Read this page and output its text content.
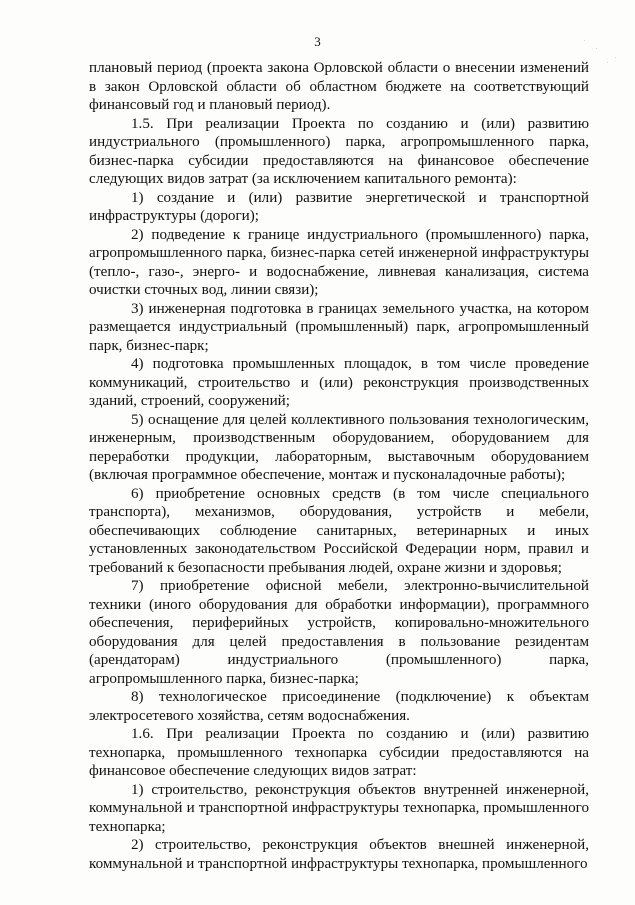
3

плановый период (проекта закона Орловской области о внесении изменений в закон Орловской области об областном бюджете на соответствующий финансовый год и плановый период).

1.5. При реализации Проекта по созданию и (или) развитию индустриального (промышленного) парка, агропромышленного парка, бизнес-парка субсидии предоставляются на финансовое обеспечение следующих видов затрат (за исключением капитального ремонта):

1) создание и (или) развитие энергетической и транспортной инфраструктуры (дороги);

2) подведение к границе индустриального (промышленного) парка, агропромышленного парка, бизнес-парка сетей инженерной инфраструктуры (тепло-, газо-, энерго- и водоснабжение, ливневая канализация, система очистки сточных вод, линии связи);

3) инженерная подготовка в границах земельного участка, на котором размещается индустриальный (промышленный) парк, агропромышленный парк, бизнес-парк;

4) подготовка промышленных площадок, в том числе проведение коммуникаций, строительство и (или) реконструкция производственных зданий, строений, сооружений;

5) оснащение для целей коллективного пользования технологическим, инженерным, производственным оборудованием, оборудованием для переработки продукции, лабораторным, выставочным оборудованием (включая программное обеспечение, монтаж и пусконаладочные работы);

6) приобретение основных средств (в том числе специального транспорта), механизмов, оборудования, устройств и мебели, обеспечивающих соблюдение санитарных, ветеринарных и иных установленных законодательством Российской Федерации норм, правил и требований к безопасности пребывания людей, охране жизни и здоровья;

7) приобретение офисной мебели, электронно-вычислительной техники (иного оборудования для обработки информации), программного обеспечения, периферийных устройств, копировально-множительного оборудования для целей предоставления в пользование резидентам (арендаторам) индустриального (промышленного) парка, агропромышленного парка, бизнес-парка;

8) технологическое присоединение (подключение) к объектам электросетевого хозяйства, сетям водоснабжения.

1.6. При реализации Проекта по созданию и (или) развитию технопарка, промышленного технопарка субсидии предоставляются на финансовое обеспечение следующих видов затрат:

1) строительство, реконструкция объектов внутренней инженерной, коммунальной и транспортной инфраструктуры технопарка, промышленного технопарка;

2) строительство, реконструкция объектов внешней инженерной, коммунальной и транспортной инфраструктуры технопарка, промышленного
